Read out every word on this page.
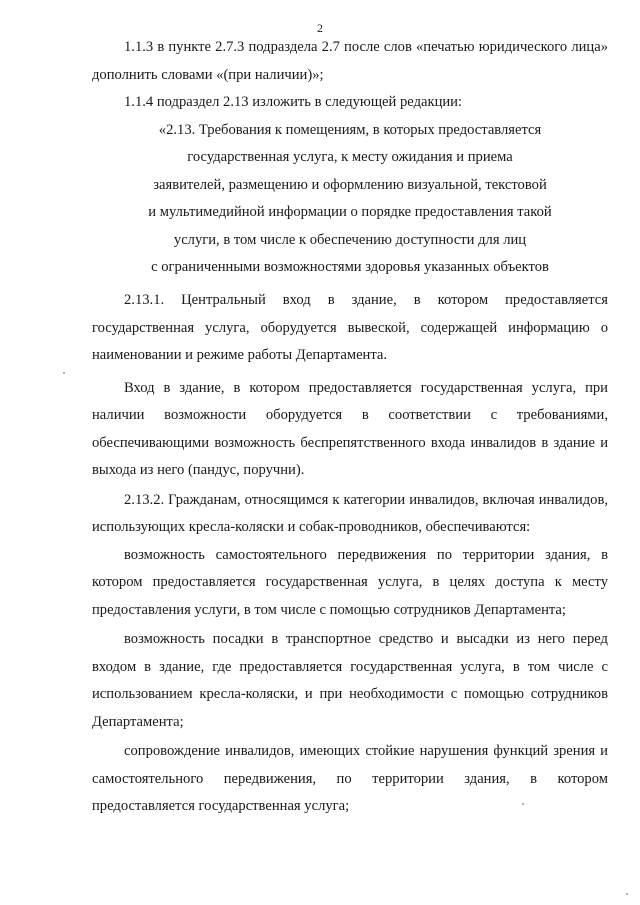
2

1.1.3 в пункте 2.7.3 подраздела 2.7 после слов «печатью юридического лица» дополнить словами «(при наличии)»;

1.1.4 подраздел 2.13 изложить в следующей редакции:

«2.13. Требования к помещениям, в которых предоставляется
государственная услуга, к месту ожидания и приема
заявителей, размещению и оформлению визуальной, текстовой
и мультимедийной информации о порядке предоставления такой
услуги, в том числе к обеспечению доступности для лиц
с ограниченными возможностями здоровья указанных объектов

2.13.1. Центральный вход в здание, в котором предоставляется государственная услуга, оборудуется вывеской, содержащей информацию о наименовании и режиме работы Департамента.

Вход в здание, в котором предоставляется государственная услуга, при наличии возможности оборудуется в соответствии с требованиями, обеспечивающими возможность беспрепятственного входа инвалидов в здание и выхода из него (пандус, поручни).

2.13.2. Гражданам, относящимся к категории инвалидов, включая инвалидов, использующих кресла-коляски и собак-проводников, обеспечиваются:

возможность самостоятельного передвижения по территории здания, в котором предоставляется государственная услуга, в целях доступа к месту предоставления услуги, в том числе с помощью сотрудников Департамента;

возможность посадки в транспортное средство и высадки из него перед входом в здание, где предоставляется государственная услуга, в том числе с использованием кресла-коляски, и при необходимости с помощью сотрудников Департамента;

сопровождение инвалидов, имеющих стойкие нарушения функций зрения и самостоятельного передвижения, по территории здания, в котором предоставляется государственная услуга;
